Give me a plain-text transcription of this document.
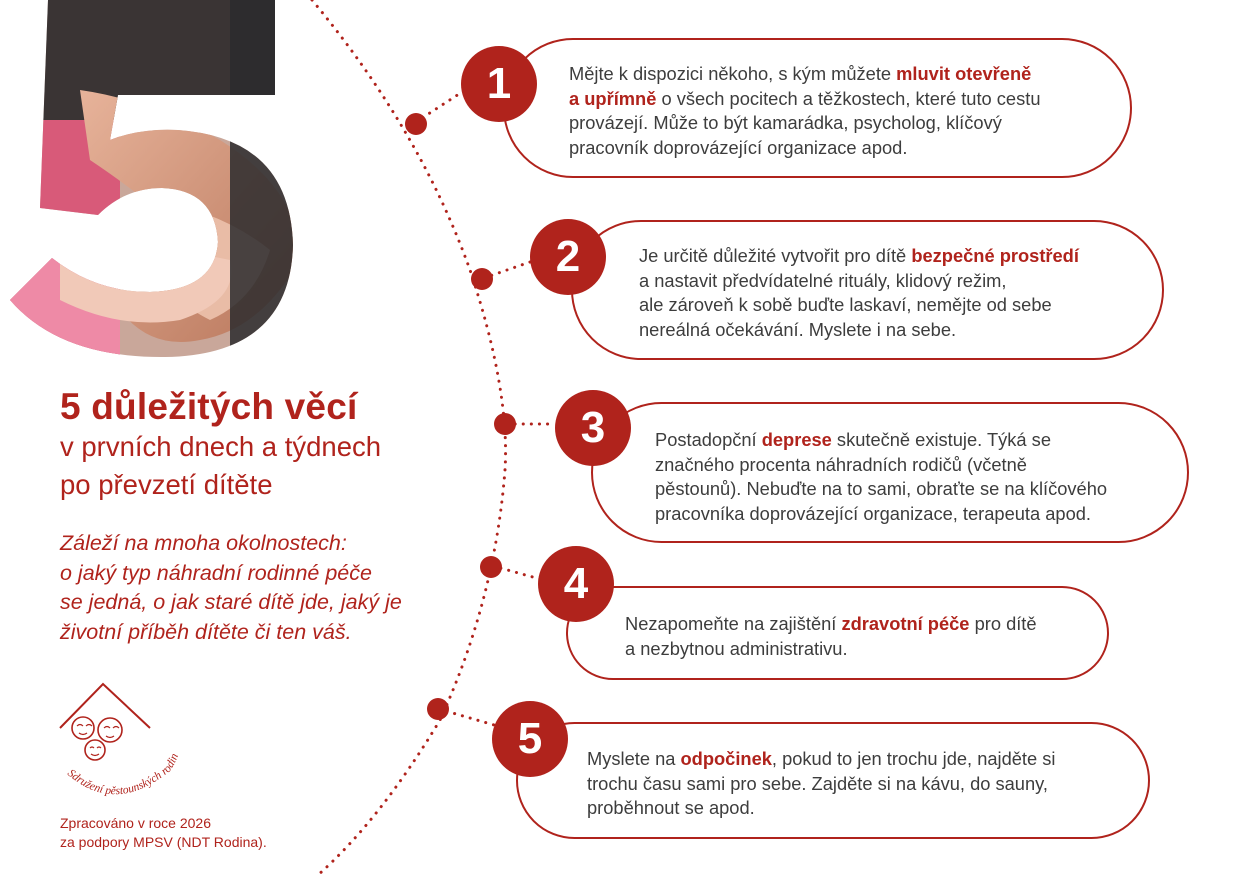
5 důležitých věcí
v prvních dnech a týdnech
po převzetí dítěte
Záleží na mnoha okolnostech:
o jaký typ náhradní rodinné péče
se jedná, o jak staré dítě jde, jaký je
životní příběh dítěte či ten váš.
Sdružení pěstounských rodin
Zpracováno v roce 2026
za podpory MPSV (NDT Rodina).
Mějte k dispozici někoho, s kým můžete mluvit otevřeně
a upřímně o všech pocitech a těžkostech, které tuto cestu
provázejí. Může to být kamarádka, psycholog, klíčový
pracovník doprovázející organizace apod.
1
Je určitě důležité vytvořit pro dítě bezpečné prostředí
a nastavit předvídatelné rituály, klidový režim,
ale zároveň k sobě buďte laskaví, nemějte od sebe
nereálná očekávání. Myslete i na sebe.
2
Postadopční deprese skutečně existuje. Týká se
značného procenta náhradních rodičů (včetně
pěstounů). Nebuďte na to sami, obraťte se na klíčového
pracovníka doprovázející organizace, terapeuta apod.
3
Nezapomeňte na zajištění zdravotní péče pro dítě
a nezbytnou administrativu.
4
Myslete na odpočinek, pokud to jen trochu jde, najděte si
trochu času sami pro sebe. Zajděte si na kávu, do sauny,
proběhnout se apod.
5
